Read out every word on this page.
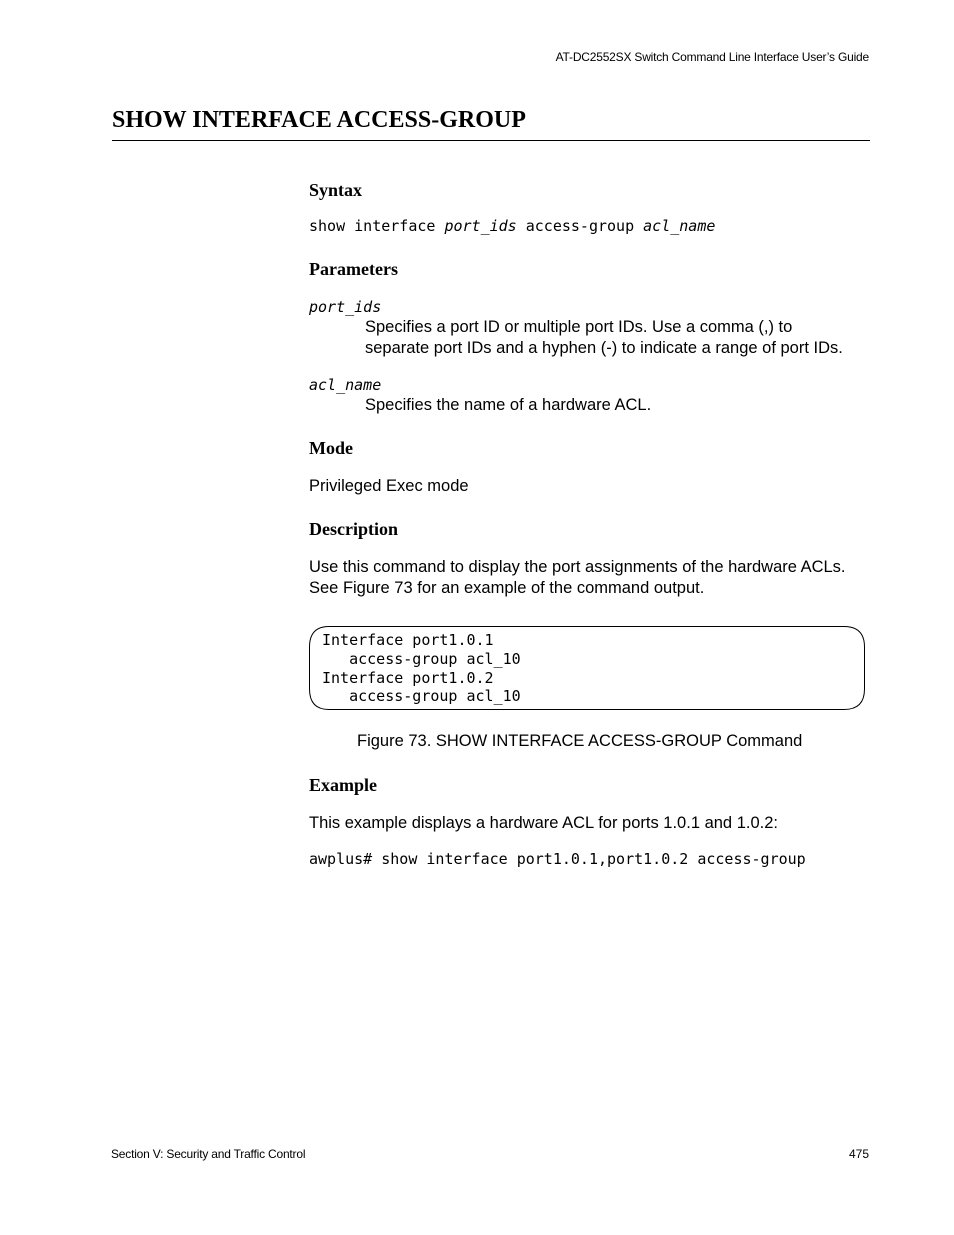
AT-DC2552SX Switch Command Line Interface User’s Guide
SHOW INTERFACE ACCESS-GROUP
Syntax
show interface port_ids access-group acl_name
Parameters
port_ids
Specifies a port ID or multiple port IDs. Use a comma (,) to
separate port IDs and a hyphen (-) to indicate a range of port IDs.
acl_name
Specifies the name of a hardware ACL.
Mode
Privileged Exec mode
Description
Use this command to display the port assignments of the hardware ACLs.
See Figure 73 for an example of the command output.
Interface port1.0.1
access-group acl_10
Interface port1.0.2
access-group acl_10
Figure 73. SHOW INTERFACE ACCESS-GROUP Command
Example
This example displays a hardware ACL for ports 1.0.1 and 1.0.2:
awplus# show interface port1.0.1,port1.0.2 access-group
Section V: Security and Traffic Control	475
